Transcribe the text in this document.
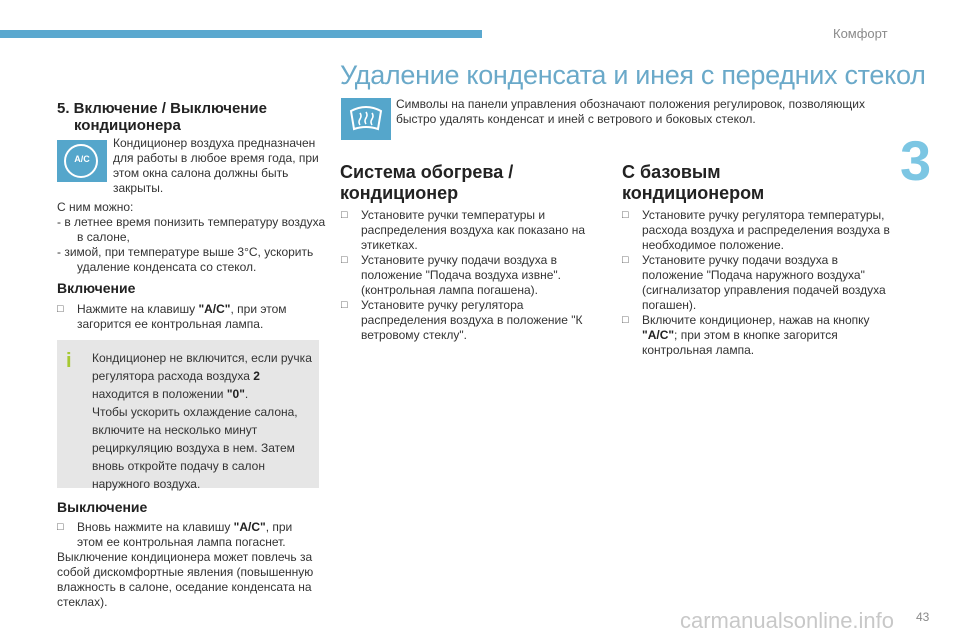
Комфорт
3
carmanualsonline.info 43
Удаление конденсата и инея с передних стекол
5. Включение / Выключение
кондиционера
A/C
Кондиционер воздуха предназначен для работы в любое время года, при этом окна салона должны быть закрыты.
С ним можно:
- в летнее время понизить температуру воздуха в салоне,
- зимой, при температуре выше 3°C, ускорить удаление конденсата со стекол.
Включение
□ Нажмите на клавишу "A/C", при этом загорится ее контрольная лампа.
i	Кондиционер не включится, если ручка регулятора расхода воздуха 2 находится в положении "0".
Чтобы ускорить охлаждение салона, включите на несколько минут рециркуляцию воздуха в нем. Затем вновь откройте подачу в салон наружного воздуха.
Выключение
□ Вновь нажмите на клавишу "A/C", при этом ее контрольная лампа погаснет.
Выключение кондиционера может повлечь за собой дискомфортные явления (повышенную влажность в салоне, оседание конденсата на стеклах).
Символы на панели управления обозначают положения регулировок, позволяющих быстро удалять конденсат и иней с ветрового и боковых стекол.
Система обогрева /
кондиционер
□ Установите ручки температуры и распределения воздуха как показано на этикетках.
□ Установите ручку подачи воздуха в положение "Подача воздуха извне". (контрольная лампа погашена).
□ Установите ручку регулятора распределения воздуха в положение "К ветровому стеклу".
С базовым
кондиционером
□ Установите ручку регулятора температуры, расхода воздуха и распределения воздуха в необходимое положение.
□ Установите ручку подачи воздуха в положение "Подача наружного воздуха" (сигнализатор управления подачей воздуха погашен).
□ Включите кондиционер, нажав на кнопку "A/C"; при этом в кнопке загорится контрольная лампа.
